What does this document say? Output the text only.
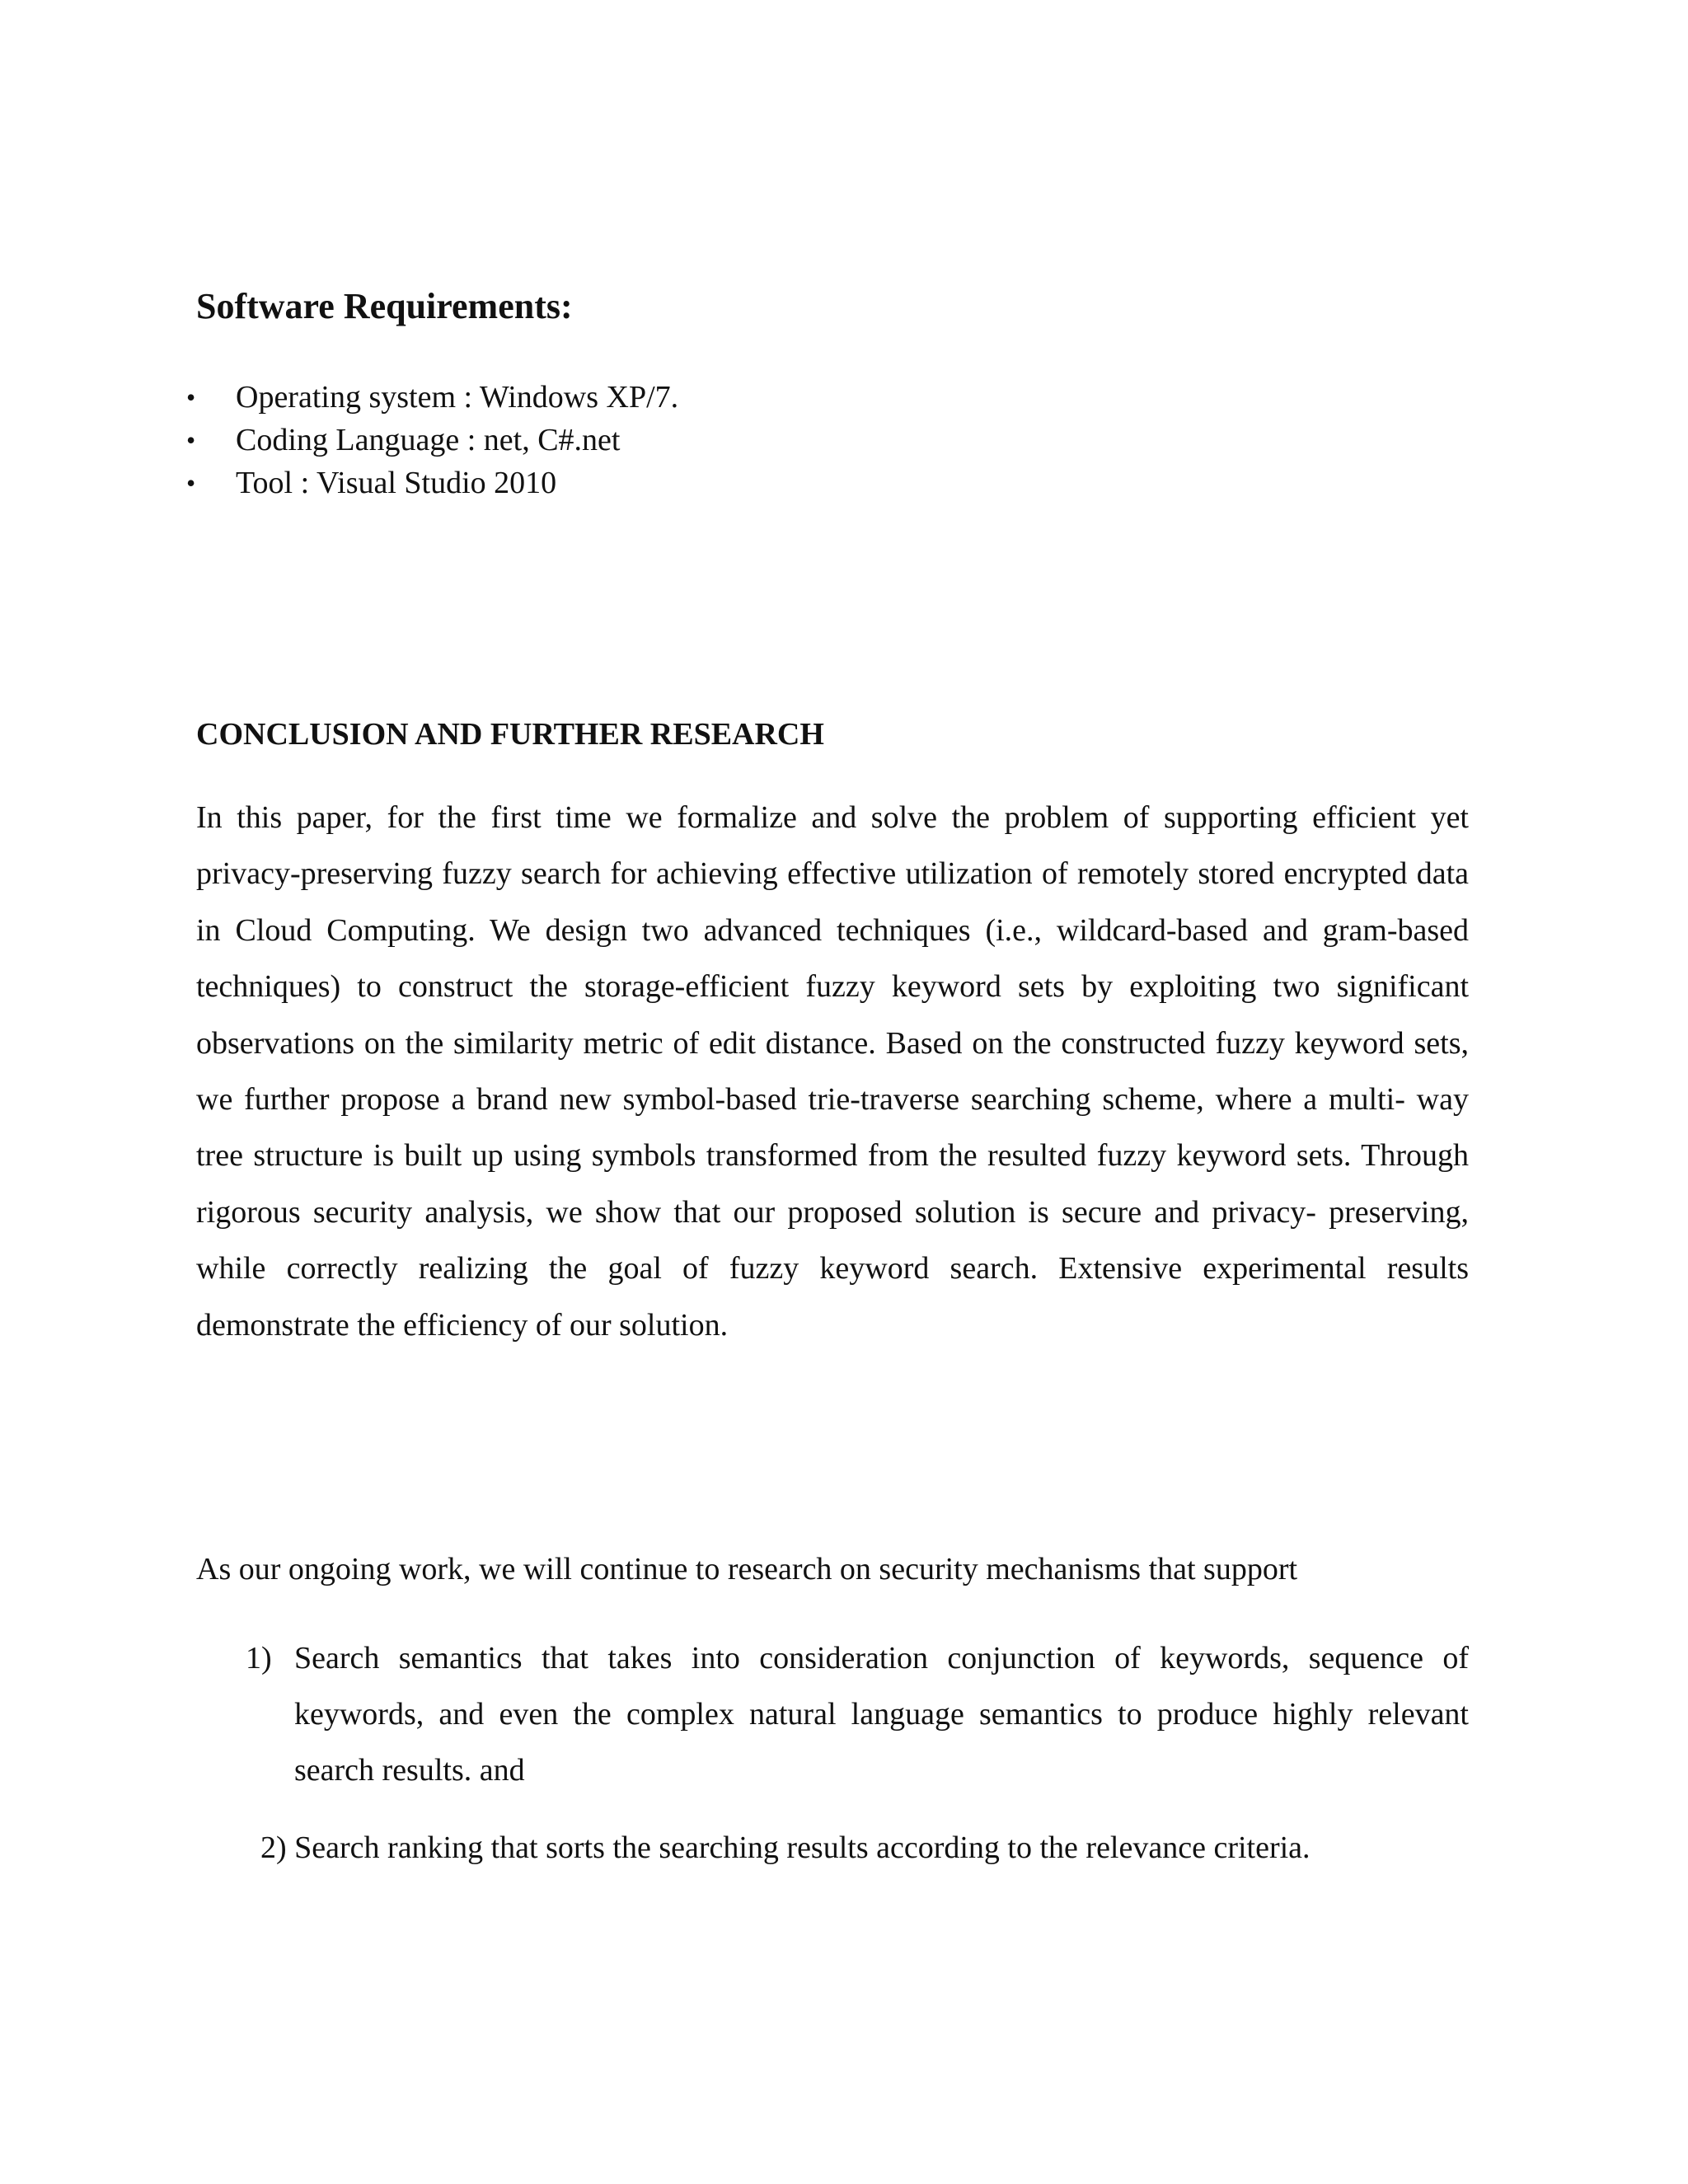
Software Requirements:
• Operating system : Windows XP/7.
• Coding Language : net, C#.net
• Tool : Visual Studio 2010
CONCLUSION AND FURTHER RESEARCH

In this paper, for the first time we formalize and solve the problem of supporting efficient yet privacy-preserving fuzzy search for achieving effective utilization of remotely stored encrypted data in Cloud Computing. We design two advanced techniques (i.e., wildcard-based and gram-based techniques) to construct the storage-efficient fuzzy keyword sets by exploiting two significant observations on the similarity metric of edit distance. Based on the constructed fuzzy keyword sets, we further propose a brand new symbol-based trie-traverse searching scheme, where a multi- way tree structure is built up using symbols transformed from the resulted fuzzy keyword sets. Through rigorous security analysis, we show that our proposed solution is secure and privacy- preserving, while correctly realizing the goal of fuzzy keyword search. Extensive experimental results demonstrate the efficiency of our solution.

As our ongoing work, we will continue to research on security mechanisms that support

1) Search semantics that takes into consideration conjunction of keywords, sequence of keywords, and even the complex natural language semantics to produce highly relevant search results. and
2) Search ranking that sorts the searching results according to the relevance criteria.
